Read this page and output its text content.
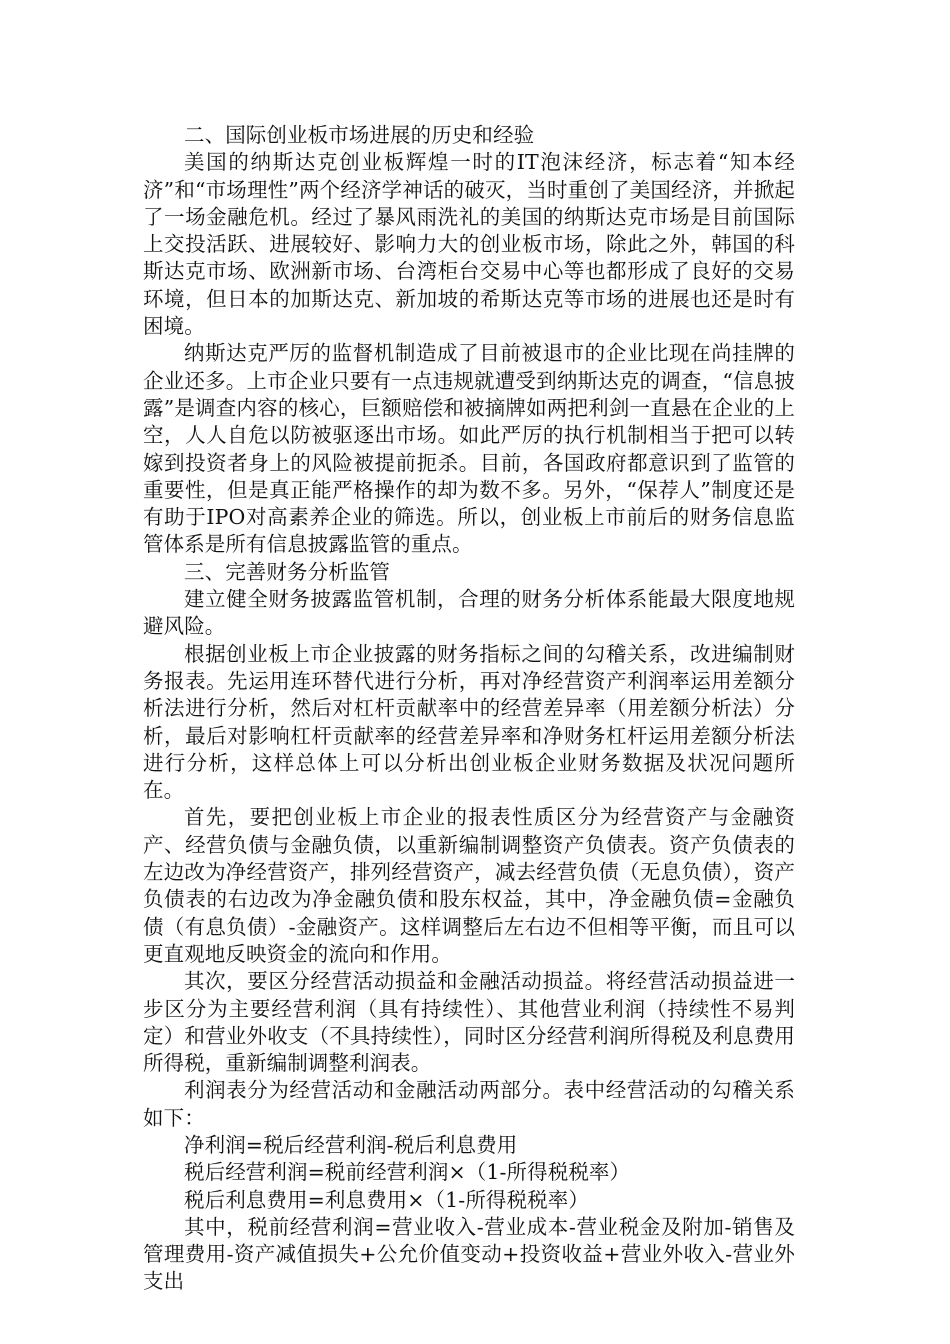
二、国际创业板市场进展的历史和经验

美国的纳斯达克创业板辉煌一时的IT泡沫经济，标志着“知本经济”和“市场理性”两个经济学神话的破灭，当时重创了美国经济，并掀起了一场金融危机。经过了暴风雨洗礼的美国的纳斯达克市场是目前国际上交投活跃、进展较好、影响力大的创业板市场，除此之外，韩国的科斯达克市场、欧洲新市场、台湾柜台交易中心等也都形成了良好的交易环境，但日本的加斯达克、新加坡的希斯达克等市场的进展也还是时有困境。

纳斯达克严厉的监督机制造成了目前被退市的企业比现在尚挂牌的企业还多。上市企业只要有一点违规就遭受到纳斯达克的调查，“信息披露”是调查内容的核心，巨额赔偿和被摘牌如两把利剑一直悬在企业的上空，人人自危以防被驱逐出市场。如此严厉的执行机制相当于把可以转嫁到投资者身上的风险被提前扼杀。目前，各国政府都意识到了监管的重要性，但是真正能严格操作的却为数不多。另外，“保荐人”制度还是有助于IPO对高素养企业的筛选。所以，创业板上市前后的财务信息监管体系是所有信息披露监管的重点。

三、完善财务分析监管

建立健全财务披露监管机制，合理的财务分析体系能最大限度地规避风险。

根据创业板上市企业披露的财务指标之间的勾稽关系，改进编制财务报表。先运用连环替代进行分析，再对净经营资产利润率运用差额分析法进行分析，然后对杠杆贡献率中的经营差异率（用差额分析法）分析，最后对影响杠杆贡献率的经营差异率和净财务杠杆运用差额分析法进行分析，这样总体上可以分析出创业板企业财务数据及状况问题所在。

首先，要把创业板上市企业的报表性质区分为经营资产与金融资产、经营负债与金融负债，以重新编制调整资产负债表。资产负债表的左边改为净经营资产，排列经营资产，减去经营负债（无息负债），资产负债表的右边改为净金融负债和股东权益，其中，净金融负债=金融负债（有息负债）-金融资产。这样调整后左右边不但相等平衡，而且可以更直观地反映资金的流向和作用。

其次，要区分经营活动损益和金融活动损益。将经营活动损益进一步区分为主要经营利润（具有持续性）、其他营业利润（持续性不易判定）和营业外收支（不具持续性），同时区分经营利润所得税及利息费用所得税，重新编制调整利润表。

利润表分为经营活动和金融活动两部分。表中经营活动的勾稽关系如下：

净利润=税后经营利润-税后利息费用

税后经营利润=税前经营利润×（1-所得税税率）

税后利息费用=利息费用×（1-所得税税率）

其中，税前经营利润=营业收入-营业成本-营业税金及附加-销售及管理费用-资产减值损失+公允价值变动+投资收益+营业外收入-营业外支出
